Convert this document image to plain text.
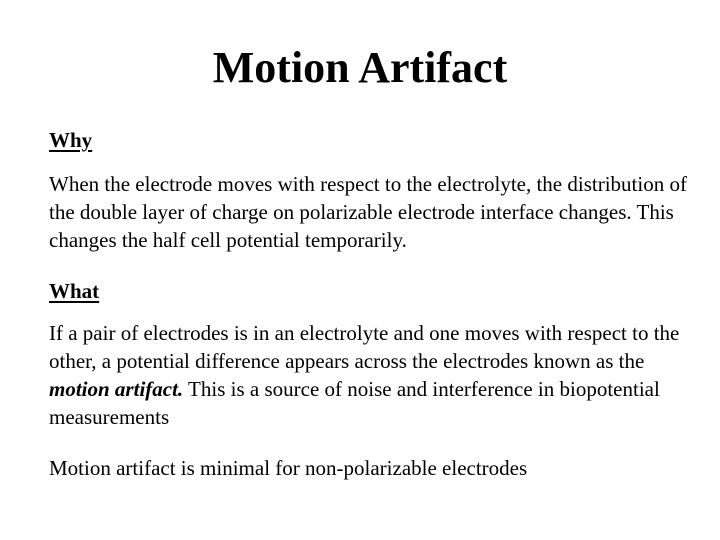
Motion Artifact
Why

When the electrode moves with respect to the electrolyte, the distribution of the double layer of charge on polarizable electrode interface changes. This changes the half cell potential temporarily.

What

If a pair of electrodes is in an electrolyte and one moves with respect to the other, a potential difference appears across the electrodes known as the motion artifact. This is a source of noise and interference in biopotential measurements

Motion artifact is minimal for non-polarizable electrodes
